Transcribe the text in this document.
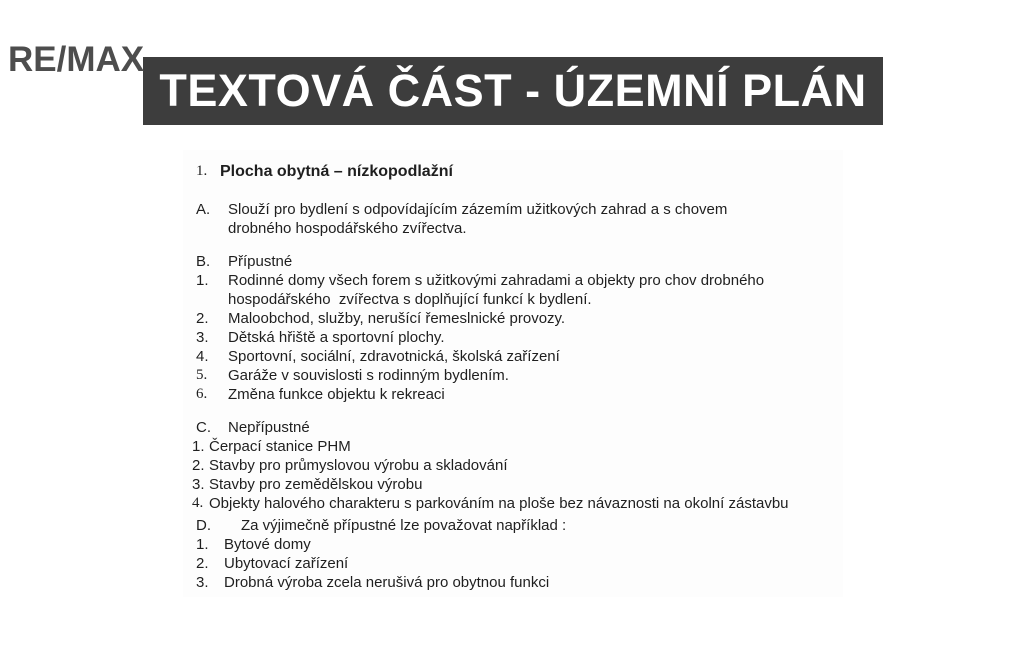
RE/MAX
TEXTOVÁ ČÁST - ÚZEMNÍ PLÁN
1. Plocha obytná – nízkopodlažní
A.	Slouží pro bydlení s odpovídajícím zázemím užitkových zahrad a s chovem
drobného hospodářského zvířectva.
B.	Přípustné
1.	Rodinné domy všech forem s užitkovými zahradami a objekty pro chov drobného
hospodářského  zvířectva s doplňující funkcí k bydlení.
2.	Maloobchod, služby, nerušící řemeslnické provozy.
3.	Dětská hřiště a sportovní plochy.
4.	Sportovní, sociální, zdravotnická, školská zařízení
5.	Garáže v souvislosti s rodinným bydlením.
6.	Změna funkce objektu k rekreaci
C.	Nepřípustné
1. Čerpací stanice PHM
2. Stavby pro průmyslovou výrobu a skladování
3. Stavby pro zemědělskou výrobu
4. Objekty halového charakteru s parkováním na ploše bez návaznosti na okolní zástavbu
D.	Za výjimečně přípustné lze považovat například :
1.	Bytové domy
2.	Ubytovací zařízení
3.	Drobná výroba zcela nerušivá pro obytnou funkci
